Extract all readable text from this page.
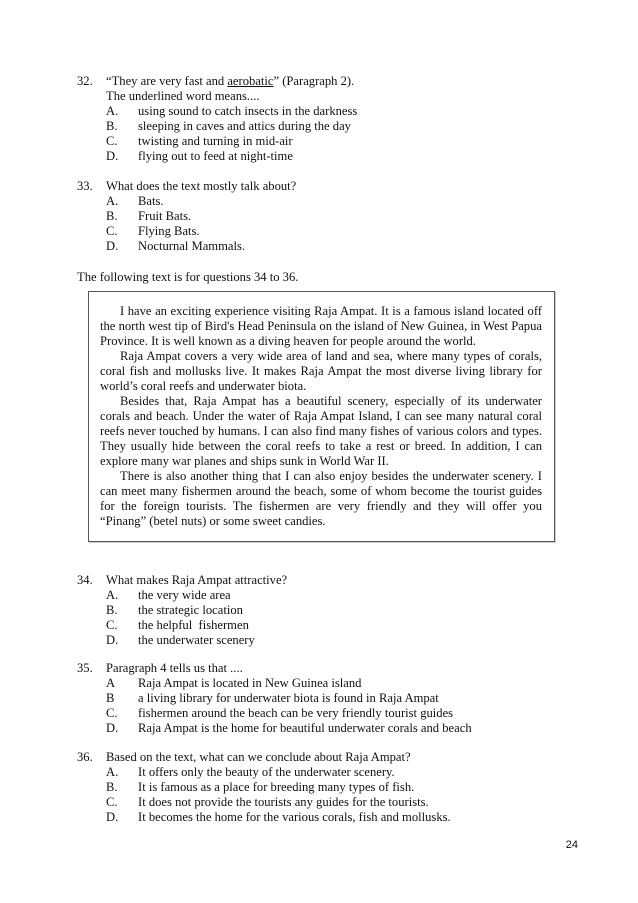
32.	“They are very fast and aerobatic” (Paragraph 2).
The underlined word means....
A.	using sound to catch insects in the darkness
B.	sleeping in caves and attics during the day
C.	twisting and turning in mid-air
D.	flying out to feed at night-time
33.	What does the text mostly talk about?
A.	Bats.
B.	Fruit Bats.
C.	Flying Bats.
D.	Nocturnal Mammals.
The following text is for questions 34 to 36.

I have an exciting experience visiting Raja Ampat. It is a famous island located off the north west tip of Bird's Head Peninsula on the island of New Guinea, in West Papua Province. It is well known as a diving heaven for people around the world.

Raja Ampat covers a very wide area of land and sea, where many types of corals, coral fish and mollusks live. It makes Raja Ampat the most diverse living library for world’s coral reefs and underwater biota.

Besides that, Raja Ampat has a beautiful scenery, especially of its underwater corals and beach. Under the water of Raja Ampat Island, I can see many natural coral reefs never touched by humans. I can also find many fishes of various colors and types. They usually hide between the coral reefs to take a rest or breed. In addition, I can explore many war planes and ships sunk in World War II.

There is also another thing that I can also enjoy besides the underwater scenery. I can meet many fishermen around the beach, some of whom become the tourist guides for the foreign tourists. The fishermen are very friendly and they will offer you “Pinang” (betel nuts) or some sweet candies.

34.	What makes Raja Ampat attractive?
A.	the very wide area
B.	the strategic location
C.	the helpful  fishermen
D.	the underwater scenery
35.	Paragraph 4 tells us that ....
A	Raja Ampat is located in New Guinea island
B	a living library for underwater biota is found in Raja Ampat
C.	fishermen around the beach can be very friendly tourist guides
D.	Raja Ampat is the home for beautiful underwater corals and beach
36.	Based on the text, what can we conclude about Raja Ampat?
A.	It offers only the beauty of the underwater scenery.
B.	It is famous as a place for breeding many types of fish.
C.	It does not provide the tourists any guides for the tourists.
D.	It becomes the home for the various corals, fish and mollusks.
24
